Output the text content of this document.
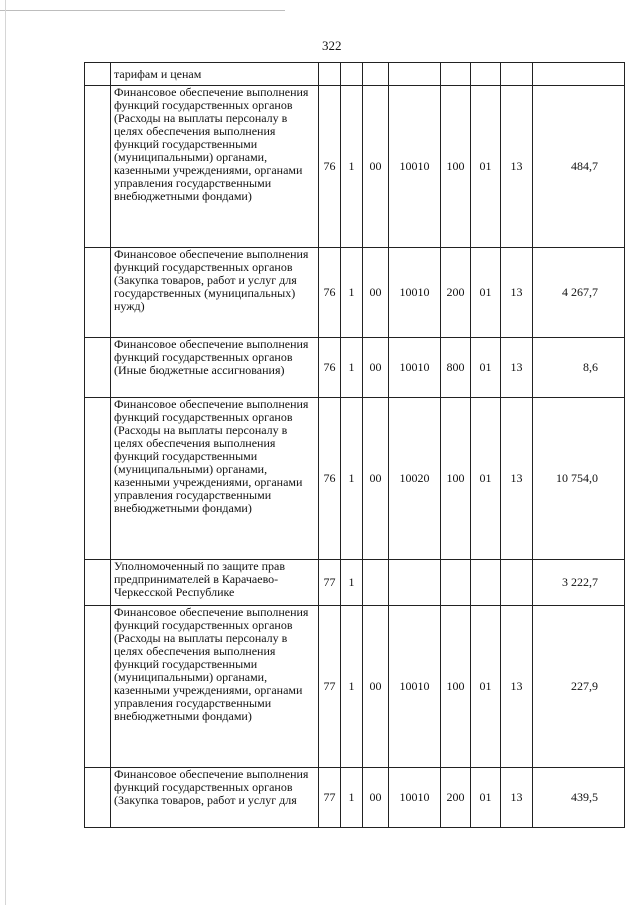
322
	тарифам и ценам								
	Финансовое обеспечение выполнения функций государственных органов (Расходы на выплаты персоналу в целях обеспечения выполнения функций государственными (муниципальными) органами, казенными учреждениями, органами управления государственными внебюджетными фондами)	76	1	00	10010	100	01	13	484,7
	Финансовое обеспечение выполнения функций государственных органов (Закупка товаров, работ и услуг для государственных (муниципальных) нужд)	76	1	00	10010	200	01	13	4 267,7
	Финансовое обеспечение выполнения функций государственных органов (Иные бюджетные ассигнования)	76	1	00	10010	800	01	13	8,6
	Финансовое обеспечение выполнения функций государственных органов (Расходы на выплаты персоналу в целях обеспечения выполнения функций государственными (муниципальными) органами, казенными учреждениями, органами управления государственными внебюджетными фондами)	76	1	00	10020	100	01	13	10 754,0
	Уполномоченный по защите прав предпринимателей в Карачаево-Черкесской Республике	77	1						3 222,7
	Финансовое обеспечение выполнения функций государственных органов (Расходы на выплаты персоналу в целях обеспечения выполнения функций государственными (муниципальными) органами, казенными учреждениями, органами управления государственными внебюджетными фондами)	77	1	00	10010	100	01	13	227,9
	Финансовое обеспечение выполнения функций государственных органов (Закупка товаров, работ и услуг для	77	1	00	10010	200	01	13	439,5
